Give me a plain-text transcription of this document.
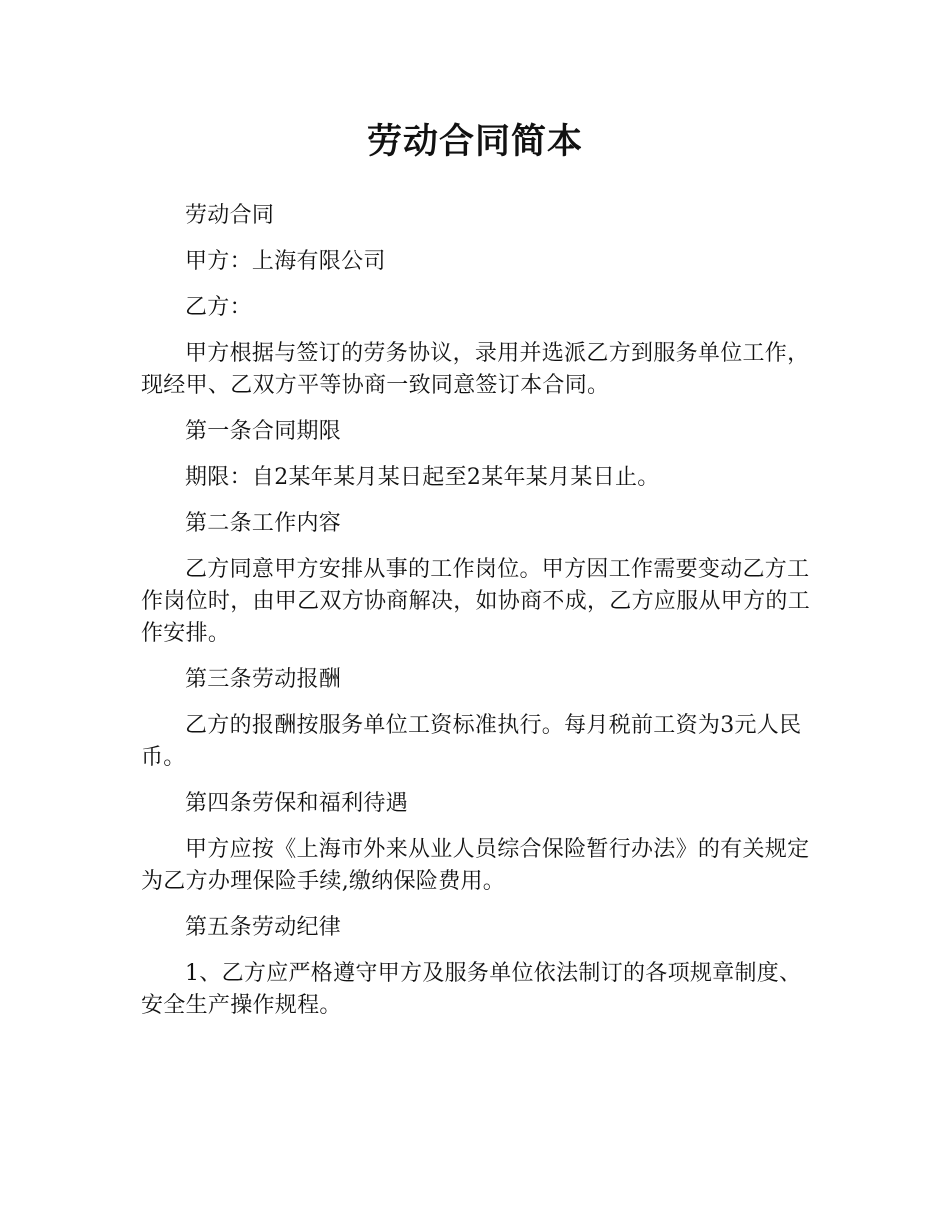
劳动合同简本

劳动合同

甲方：上海有限公司

乙方：

甲方根据与签订的劳务协议，录用并选派乙方到服务单位工作，现经甲、乙双方平等协商一致同意签订本合同。

第一条合同期限

期限：自2某年某月某日起至2某年某月某日止。

第二条工作内容

乙方同意甲方安排从事的工作岗位。甲方因工作需要变动乙方工作岗位时，由甲乙双方协商解决，如协商不成，乙方应服从甲方的工作安排。

第三条劳动报酬

乙方的报酬按服务单位工资标准执行。每月税前工资为3元人民币。

第四条劳保和福利待遇

甲方应按《上海市外来从业人员综合保险暂行办法》的有关规定为乙方办理保险手续,缴纳保险费用。

第五条劳动纪律

1、乙方应严格遵守甲方及服务单位依法制订的各项规章制度、安全生产操作规程。
